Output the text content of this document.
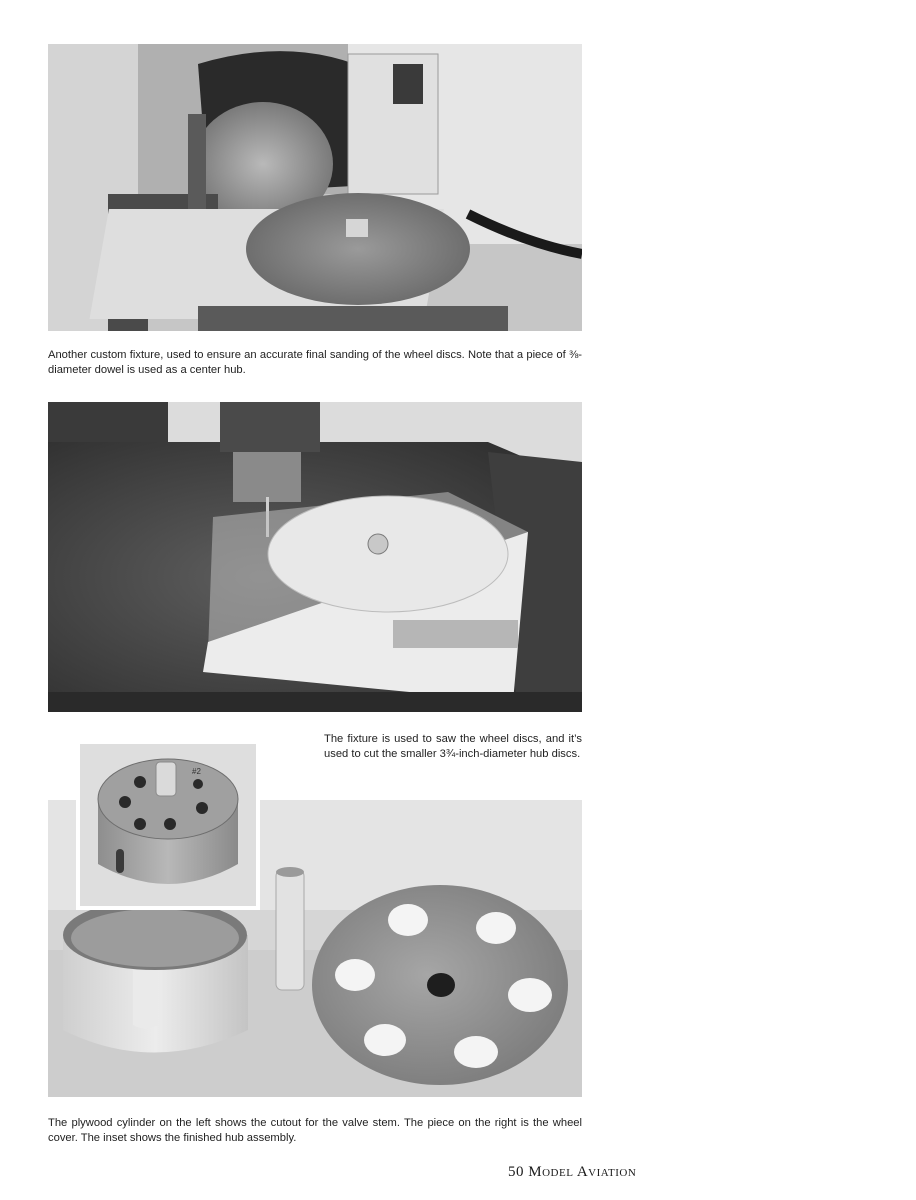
Another custom fixture, used to ensure an accurate final sanding of the wheel discs. Note that a piece of ⅜-diameter dowel is used as a center hub.
The fixture is used to saw the wheel discs, and it’s used to cut the smaller 3¾-inch-diameter hub discs.
#2
The plywood cylinder on the left shows the cutout for the valve stem. The piece on the right is the wheel cover. The inset shows the finished hub assembly.
50 Model Aviation
